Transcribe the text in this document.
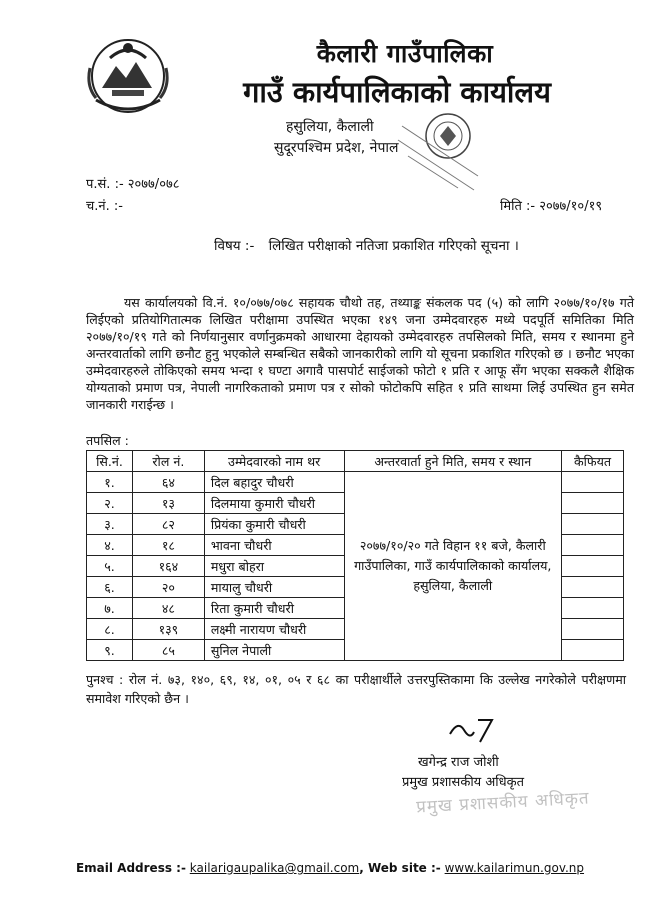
कैलारी गाउँपालिका
गाउँ कार्यपालिकाको कार्यालय
हसुलिया, कैलाली
सुदूरपश्चिम प्रदेश, नेपाल
प.सं. :- २०७७/०७८
च.नं. :-	मिति :- २०७७/१०/१९
विषय :- लिखित परीक्षाको नतिजा प्रकाशित गरिएको सूचना ।
यस कार्यालयको वि.नं. १०/०७७/०७८ सहायक चौथो तह, तथ्याङ्क संकलक पद (५) को लागि २०७७/१०/१७ गते लिईएको प्रतियोगितात्मक लिखित परीक्षामा उपस्थित भएका १४९ जना उम्मेदवारहरु मध्ये पदपूर्ति समितिका मिति २०७७/१०/१९ गते को निर्णयानुसार वर्णानुक्रमको आधारमा देहायको उम्मेदवारहरु तपसिलको मिति, समय र स्थानमा हुने अन्तरवार्ताको लागि छनौट हुनु भएकोले सम्बन्धित सबैको जानकारीको लागि यो सूचना प्रकाशित गरिएको छ । छनौट भएका उम्मेदवारहरुले तोकिएको समय भन्दा १ घण्टा अगावै पासपोर्ट साईजको फोटो १ प्रति र आफू सँग भएका सक्कलै शैक्षिक योग्यताको प्रमाण पत्र, नेपाली नागरिकताको प्रमाण पत्र र सोको फोटोकपि सहित १ प्रति साथमा लिई उपस्थित हुन समेत जानकारी गराईन्छ ।
तपसिल :
सि.नं.	रोल नं.	उम्मेदवारको नाम थर	अन्तरवार्ता हुने मिति, समय र स्थान	कैफियत
१.	६४	दिल बहादुर चौधरी	२०७७/१०/२० गते विहान ११ बजे, कैलारी गाउँपालिका, गाउँ कार्यपालिकाको कार्यालय, हसुलिया, कैलाली	
२.	१३	दिलमाया कुमारी चौधरी		
३.	८२	प्रियंका कुमारी चौधरी		
४.	१८	भावना चौधरी		
५.	१६४	मधुरा बोहरा		
६.	२०	मायालु चौधरी		
७.	४८	रिता कुमारी चौधरी		
८.	१३९	लक्ष्मी नारायण चौधरी		
९.	८५	सुनिल नेपाली		
पुनश्च : रोल नं. ७३, १४०, ६९, १४, ०१, ०५ र ६८ का परीक्षार्थीले उत्तरपुस्तिकामा कि उल्लेख नगरेकोले परीक्षणमा समावेश गरिएको छैन ।
खगेन्द्र राज जोशी
प्रमुख प्रशासकीय अधिकृत
प्रमुख प्रशासकीय अधिकृत
Email Address :- kailarigaupalika@gmail.com, Web site :- www.kailarimun.gov.np
